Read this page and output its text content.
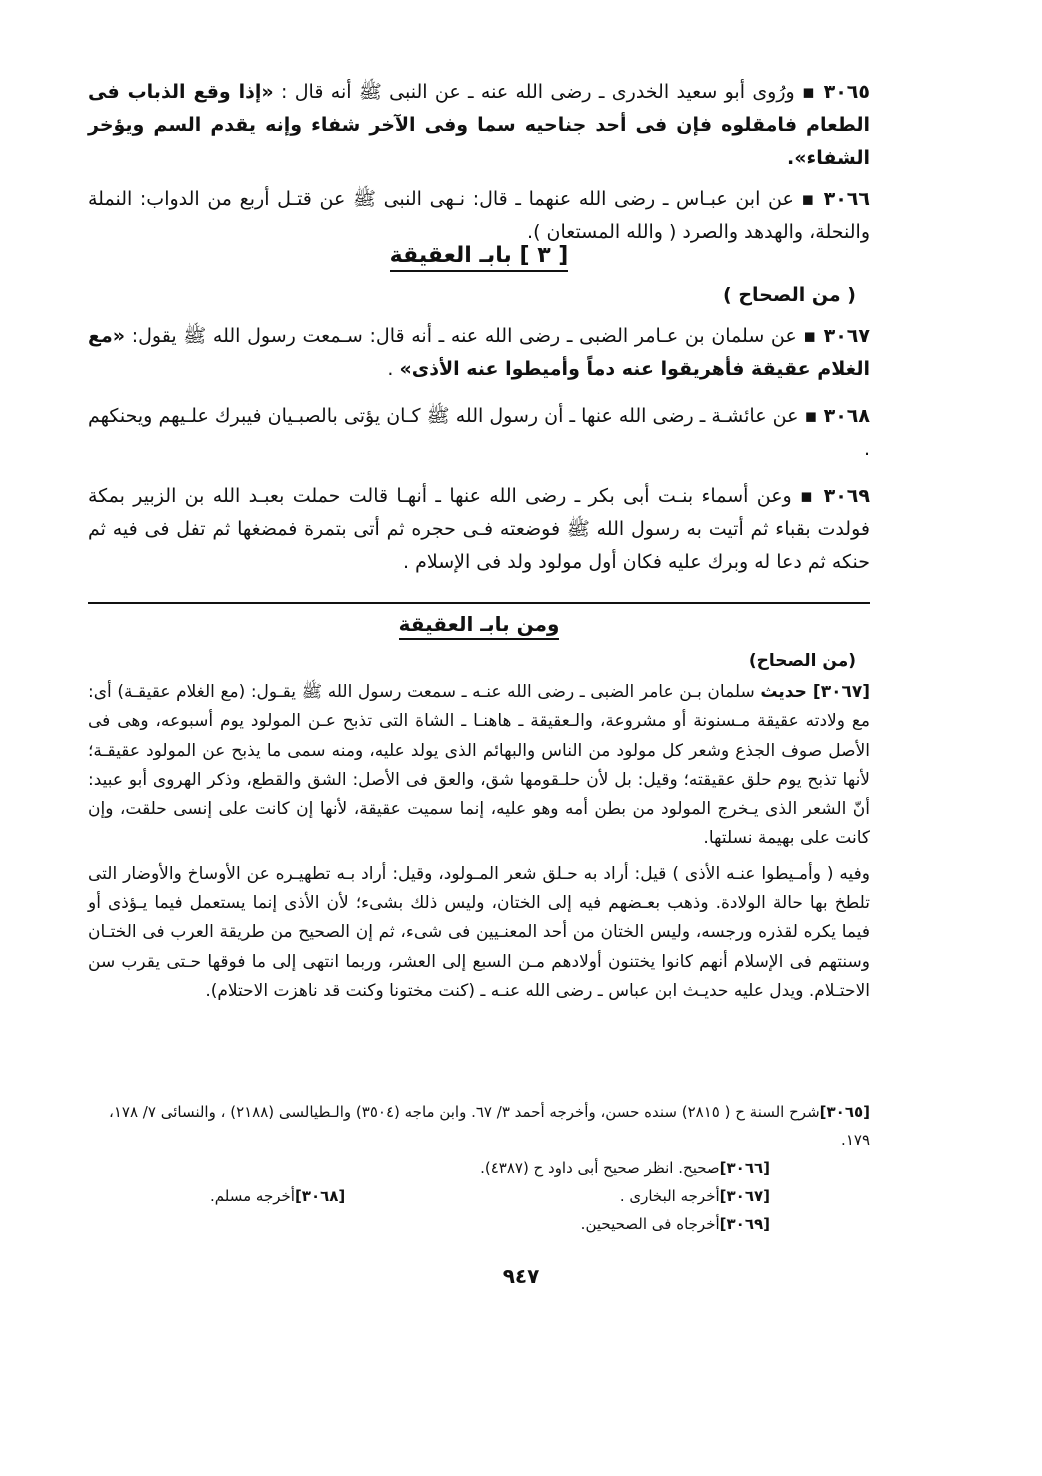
٣٠٦٥ ▪ ورُوى أبو سعيد الخدرى ـ رضى الله عنه ـ عن النبى ﷺ أنه قال : «إذا وقع الذباب فى الطعام فامقلوه فإن فى أحد جناحيه سما وفى الآخر شفاء وإنه يقدم السم ويؤخر الشفاء».

٣٠٦٦ ▪ عن ابن عبـاس ـ رضى الله عنهما ـ قال: نـهى النبى ﷺ عن قتـل أربع من الدواب: النملة والنحلة، والهدهد والصرد ( والله المستعان ).

[ ٣ ] بابـ العقيقة

( من الصحاح )

٣٠٦٧ ▪ عن سلمان بن عـامر الضبى ـ رضى الله عنه ـ أنه قال: سـمعت رسول الله ﷺ يقول: «مع الغلام عقيقة فأهريقوا عنه دماً وأميطوا عنه الأذى» .

٣٠٦٨ ▪ عن عائشـة ـ رضى الله عنها ـ أن رسول الله ﷺ كـان يؤتى بالصبـيان فيبرك علـيهم ويحنكهم .

٣٠٦٩ ▪ وعن أسماء بنـت أبى بكر ـ رضى الله عنها ـ أنهـا قالت حملت بعبـد الله بن الزبير بمكة فولدت بقباء ثم أتيت به رسول الله ﷺ فوضعته فـى حجره ثم أتى بتمرة فمضغها ثم تفل فى فيه ثم حنكه ثم دعا له وبرك عليه فكان أول مولود ولد فى الإسلام .

ومن بابـ العقيقة

(من الصحاح)

[٣٠٦٧] حديث سلمان بـن عامر الضبى ـ رضى الله عنـه ـ سمعت رسول الله ﷺ يقـول: (مع الغلام عقيقـة) أى: مع ولادته عقيقة مـسنونة أو مشروعة، والـعقيقة ـ هاهنـا ـ الشاة التى تذبح عـن المولود يوم أسبوعه، وهى فى الأصل صوف الجذع وشعر كل مولود من الناس والبهائم الذى يولد عليه، ومنه سمى ما يذبح عن المولود عقيقـة؛ لأنها تذبح يوم حلق عقيقته؛ وقيل: بل لأن حلـقومها شق، والعق فى الأصل: الشق والقطع، وذكر الهروى أبو عبيد: أنّ الشعر الذى يـخرج المولود من بطن أمه وهو عليه، إنما سميت عقيقة، لأنها إن كانت على إنسى حلقت، وإن كانت على بهيمة نسلتها.

وفيه ( وأمـيطوا عنـه الأذى ) قيل: أراد به حـلق شعر المـولود، وقيل: أراد بـه تطهيـره عن الأوساخ والأوضار التى تلطخ بها حالة الولادة. وذهب بعـضهم فيه إلى الختان، وليس ذلك بشىء؛ لأن الأذى إنما يستعمل فيما يـؤذى أو فيما يكره لقذره ورجسه، وليس الختان من أحد المعنـيين فى شىء، ثم إن الصحيح من طريقة العرب فى الختـان وسنتهم فى الإسلام أنهم كانوا يختنون أولادهم مـن السبع إلى العشر، وربما انتهى إلى ما فوقها حـتى يقرب سن الاحتـلام. ويدل عليه حديـث ابن عباس ـ رضى الله عنـه ـ (كنت مختونا وكنت قد ناهزت الاحتلام).

[٣٠٦٥]شرح السنة ح ( ٢٨١٥) سنده حسن، وأخرجه أحمد ٣/ ٦٧. وابن ماجه (٣٥٠٤) والـطيالسى (٢١٨٨) ، والنسائى ٧/ ١٧٨، ١٧٩.

[٣٠٦٦]صحيح. انظر صحيح أبى داود ح (٤٣٨٧).

[٣٠٦٧]أخرجه البخارى .
[٣٠٦٨]أخرجه مسلم.

[٣٠٦٩]أخرجاه فى الصحيحين.

٩٤٧
